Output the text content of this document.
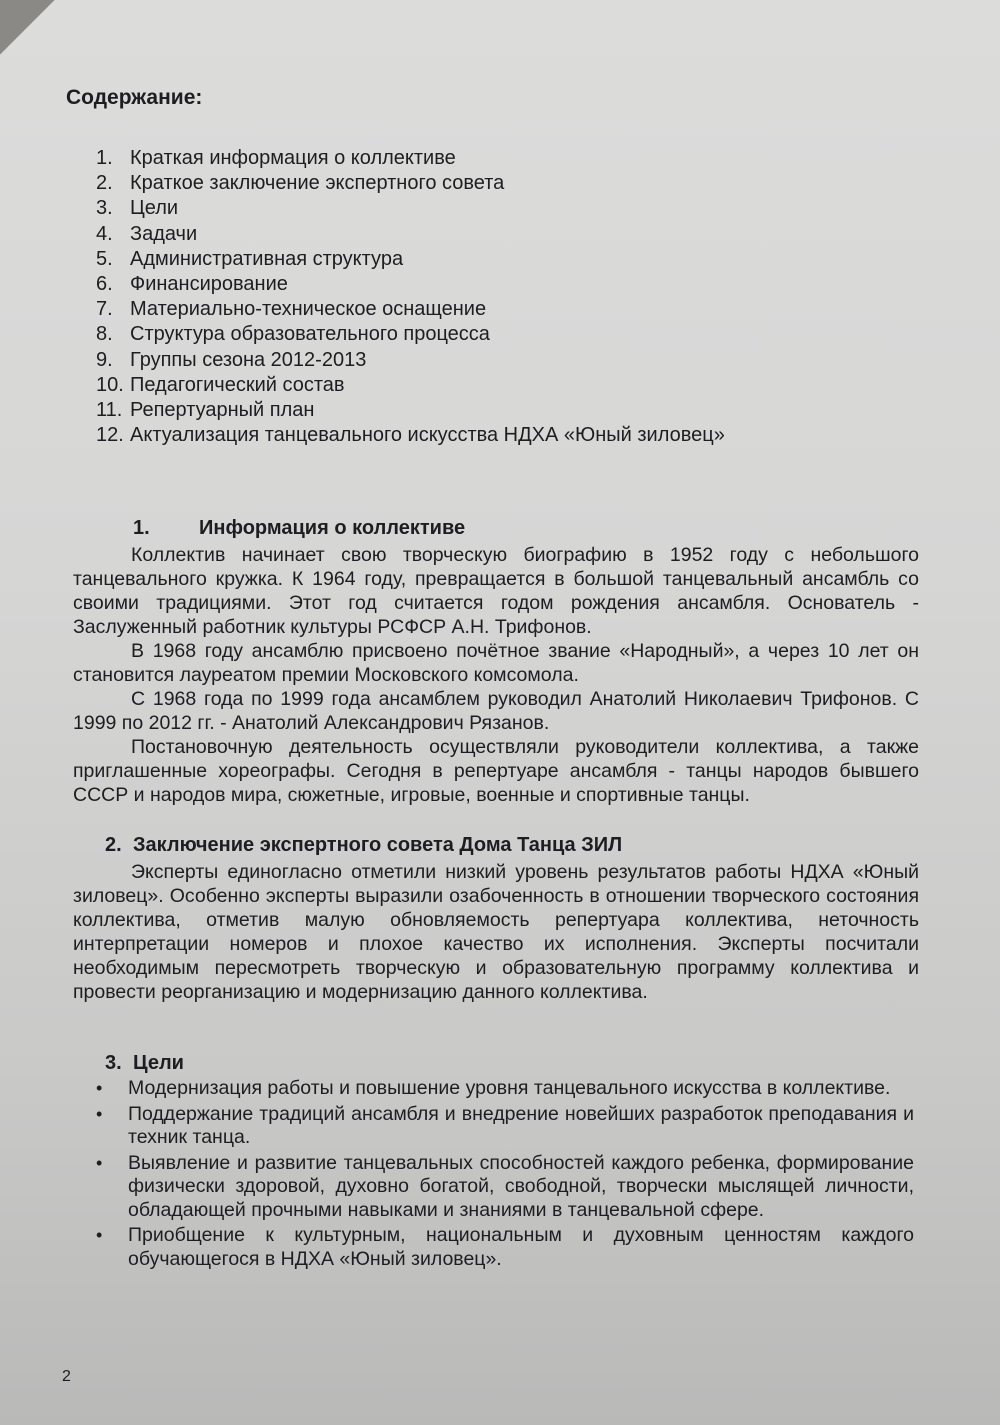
Содержание:
1. Краткая информация о коллективе
2. Краткое заключение экспертного совета
3. Цели
4. Задачи
5. Административная структура
6. Финансирование
7. Материально-техническое оснащение
8. Структура образовательного процесса
9. Группы сезона 2012-2013
10. Педагогический состав
11. Репертуарный план
12. Актуализация танцевального искусства НДХА «Юный зиловец»
1. Информация о коллективе

Коллектив начинает свою творческую биографию в 1952 году с небольшого танцевального кружка. К 1964 году, превращается в большой танцевальный ансамбль со своими традициями. Этот год считается годом рождения ансамбля. Основатель - Заслуженный работник культуры РСФСР А.Н. Трифонов.

В 1968 году ансамблю присвоено почётное звание «Народный», а через 10 лет он становится лауреатом премии Московского комсомола.

С 1968 года по 1999 года ансамблем руководил Анатолий Николаевич Трифонов. С 1999 по 2012 гг. - Анатолий Александрович Рязанов.

Постановочную деятельность осуществляли руководители коллектива, а также приглашенные хореографы. Сегодня в репертуаре ансамбля - танцы народов бывшего СССР и народов мира, сюжетные, игровые, военные и спортивные танцы.

2. Заключение экспертного совета Дома Танца ЗИЛ

Эксперты единогласно отметили низкий уровень результатов работы НДХА «Юный зиловец». Особенно эксперты выразили озабоченность в отношении творческого состояния коллектива, отметив малую обновляемость репертуара коллектива, неточность интерпретации номеров и плохое качество их исполнения. Эксперты посчитали необходимым пересмотреть творческую и образовательную программу коллектива и провести реорганизацию и модернизацию данного коллектива.

3. Цели
•	Модернизация работы и повышение уровня танцевального искусства в коллективе.
•	Поддержание традиций ансамбля и внедрение новейших разработок преподавания и техник танца.
•	Выявление и развитие танцевальных способностей каждого ребенка, формирование физически здоровой, духовно богатой, свободной, творчески мыслящей личности, обладающей прочными навыками и знаниями в танцевальной сфере.
•	Приобщение к культурным, национальным и духовным ценностям каждого обучающегося в НДХА «Юный зиловец».
2
